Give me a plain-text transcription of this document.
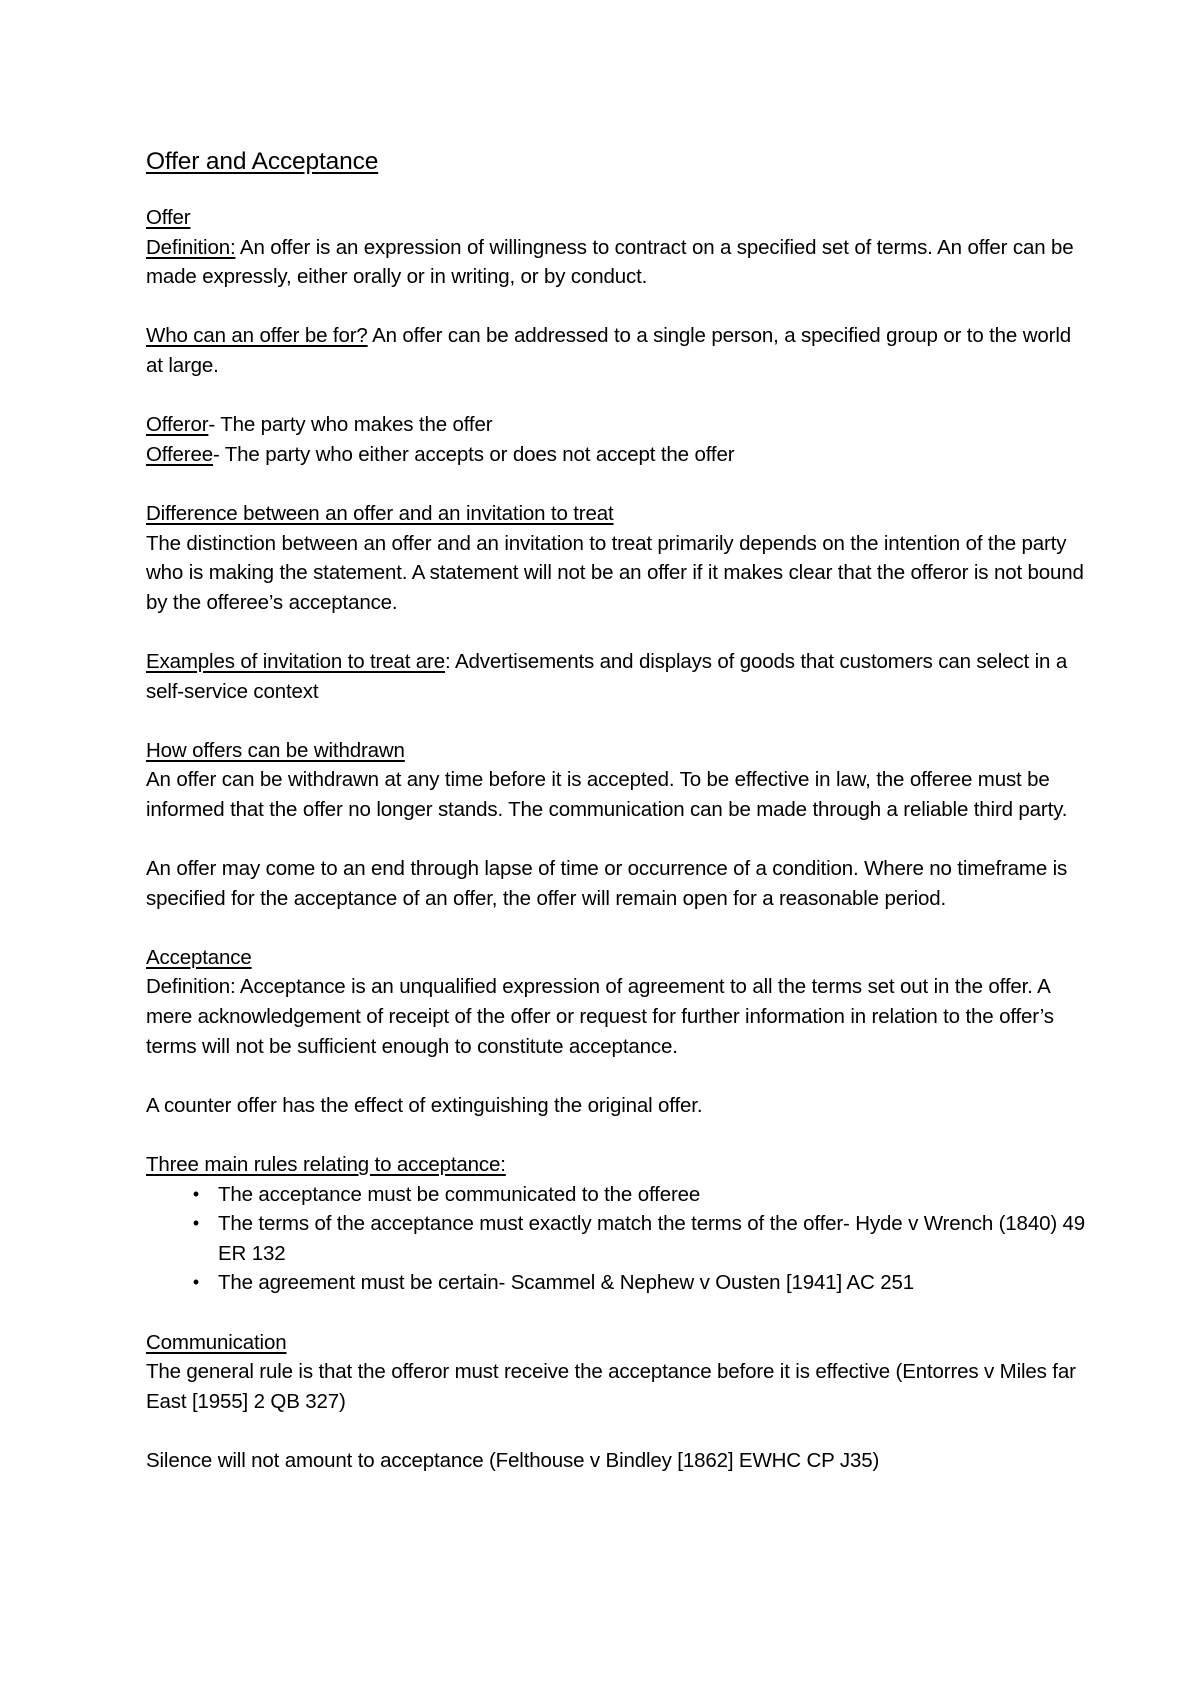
Offer and Acceptance

Offer

Definition: An offer is an expression of willingness to contract on a specified set of terms. An offer can be made expressly, either orally or in writing, or by conduct.

Who can an offer be for? An offer can be addressed to a single person, a specified group or to the world at large.

Offeror- The party who makes the offer

Offeree- The party who either accepts or does not accept the offer

Difference between an offer and an invitation to treat

The distinction between an offer and an invitation to treat primarily depends on the intention of the party who is making the statement. A statement will not be an offer if it makes clear that the offeror is not bound by the offeree’s acceptance.

Examples of invitation to treat are: Advertisements and displays of goods that customers can select in a self-service context

How offers can be withdrawn

An offer can be withdrawn at any time before it is accepted. To be effective in law, the offeree must be informed that the offer no longer stands. The communication can be made through a reliable third party.

An offer may come to an end through lapse of time or occurrence of a condition. Where no timeframe is specified for the acceptance of an offer, the offer will remain open for a reasonable period.

Acceptance

Definition: Acceptance is an unqualified expression of agreement to all the terms set out in the offer. A mere acknowledgement of receipt of the offer or request for further information in relation to the offer’s terms will not be sufficient enough to constitute acceptance.

A counter offer has the effect of extinguishing the original offer.

Three main rules relating to acceptance:

• The acceptance must be communicated to the offeree
• The terms of the acceptance must exactly match the terms of the offer- Hyde v Wrench (1840) 49 ER 132
• The agreement must be certain- Scammel & Nephew v Ousten [1941] AC 251

Communication

The general rule is that the offeror must receive the acceptance before it is effective (Entorres v Miles far East [1955] 2 QB 327)

Silence will not amount to acceptance (Felthouse v Bindley [1862] EWHC CP J35)
